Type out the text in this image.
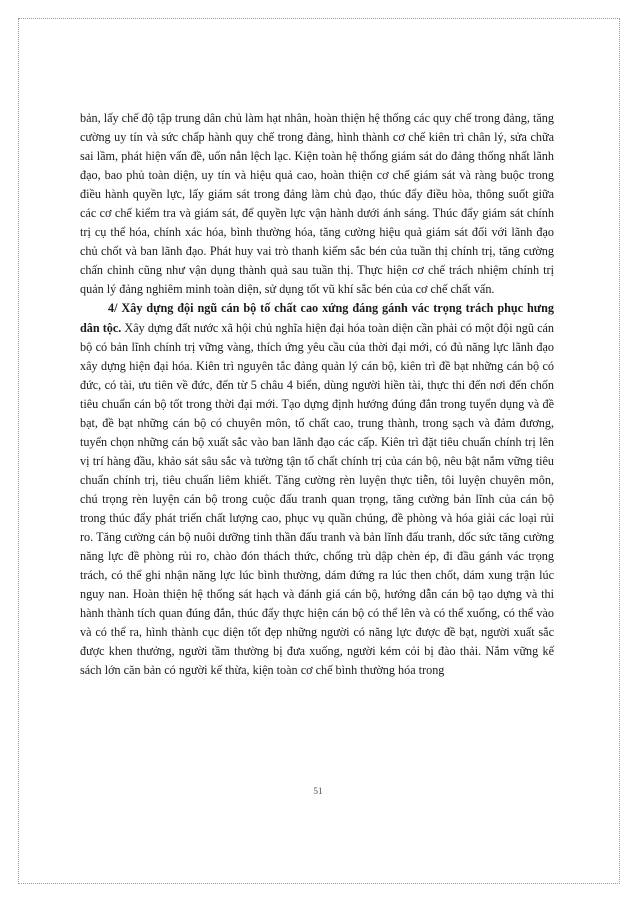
bản, lấy chế độ tập trung dân chủ làm hạt nhân, hoàn thiện hệ thống các quy chế trong đảng, tăng cường uy tín và sức chấp hành quy chế trong đảng, hình thành cơ chế kiên trì chân lý, sửa chữa sai lầm, phát hiện vấn đề, uốn nắn lệch lạc. Kiện toàn hệ thống giám sát do đảng thống nhất lãnh đạo, bao phủ toàn diện, uy tín và hiệu quả cao, hoàn thiện cơ chế giám sát và ràng buộc trong điều hành quyền lực, lấy giám sát trong đảng làm chủ đạo, thúc đẩy điều hòa, thông suốt giữa các cơ chế kiểm tra và giám sát, để quyền lực vận hành dưới ánh sáng. Thúc đẩy giám sát chính trị cụ thể hóa, chính xác hóa, bình thường hóa, tăng cường hiệu quả giám sát đối với lãnh đạo chủ chốt và ban lãnh đạo. Phát huy vai trò thanh kiếm sắc bén của tuần thị chính trị, tăng cường chấn chỉnh cũng như vận dụng thành quả sau tuần thị. Thực hiện cơ chế trách nhiệm chính trị quản lý đảng nghiêm minh toàn diện, sử dụng tốt vũ khí sắc bén của cơ chế chất vấn.

4/ Xây dựng đội ngũ cán bộ tố chất cao xứng đáng gánh vác trọng trách phục hưng dân tộc. Xây dựng đất nước xã hội chủ nghĩa hiện đại hóa toàn diện cần phải có một đội ngũ cán bộ có bản lĩnh chính trị vững vàng, thích ứng yêu cầu của thời đại mới, có đủ năng lực lãnh đạo xây dựng hiện đại hóa. Kiên trì nguyên tắc đảng quản lý cán bộ, kiên trì đề bạt những cán bộ có đức, có tài, ưu tiên về đức, đến từ 5 châu 4 biển, dùng người hiền tài, thực thi đến nơi đến chốn tiêu chuẩn cán bộ tốt trong thời đại mới. Tạo dựng định hướng đúng đắn trong tuyển dụng và đề bạt, đề bạt những cán bộ có chuyên môn, tố chất cao, trung thành, trong sạch và đảm đương, tuyển chọn những cán bộ xuất sắc vào ban lãnh đạo các cấp. Kiên trì đặt tiêu chuẩn chính trị lên vị trí hàng đầu, khảo sát sâu sắc và tường tận tố chất chính trị của cán bộ, nêu bật nắm vững tiêu chuẩn chính trị, tiêu chuẩn liêm khiết. Tăng cường rèn luyện thực tiễn, tôi luyện chuyên môn, chú trọng rèn luyện cán bộ trong cuộc đấu tranh quan trọng, tăng cường bản lĩnh của cán bộ trong thúc đẩy phát triển chất lượng cao, phục vụ quần chúng, đề phòng và hóa giải các loại rủi ro. Tăng cường cán bộ nuôi dưỡng tinh thần đấu tranh và bản lĩnh đấu tranh, dốc sức tăng cường năng lực đề phòng rủi ro, chào đón thách thức, chống trù dập chèn ép, đi đầu gánh vác trọng trách, có thể ghi nhận năng lực lúc bình thường, dám đứng ra lúc then chốt, dám xung trận lúc nguy nan. Hoàn thiện hệ thống sát hạch và đánh giá cán bộ, hướng dẫn cán bộ tạo dựng và thi hành thành tích quan đúng đắn, thúc đẩy thực hiện cán bộ có thể lên và có thể xuống, có thể vào và có thể ra, hình thành cục diện tốt đẹp những người có năng lực được đề bạt, người xuất sắc được khen thưởng, người tầm thường bị đưa xuống, người kém cỏi bị đào thải. Nắm vững kế sách lớn căn bản có người kế thừa, kiện toàn cơ chế bình thường hóa trong

51
